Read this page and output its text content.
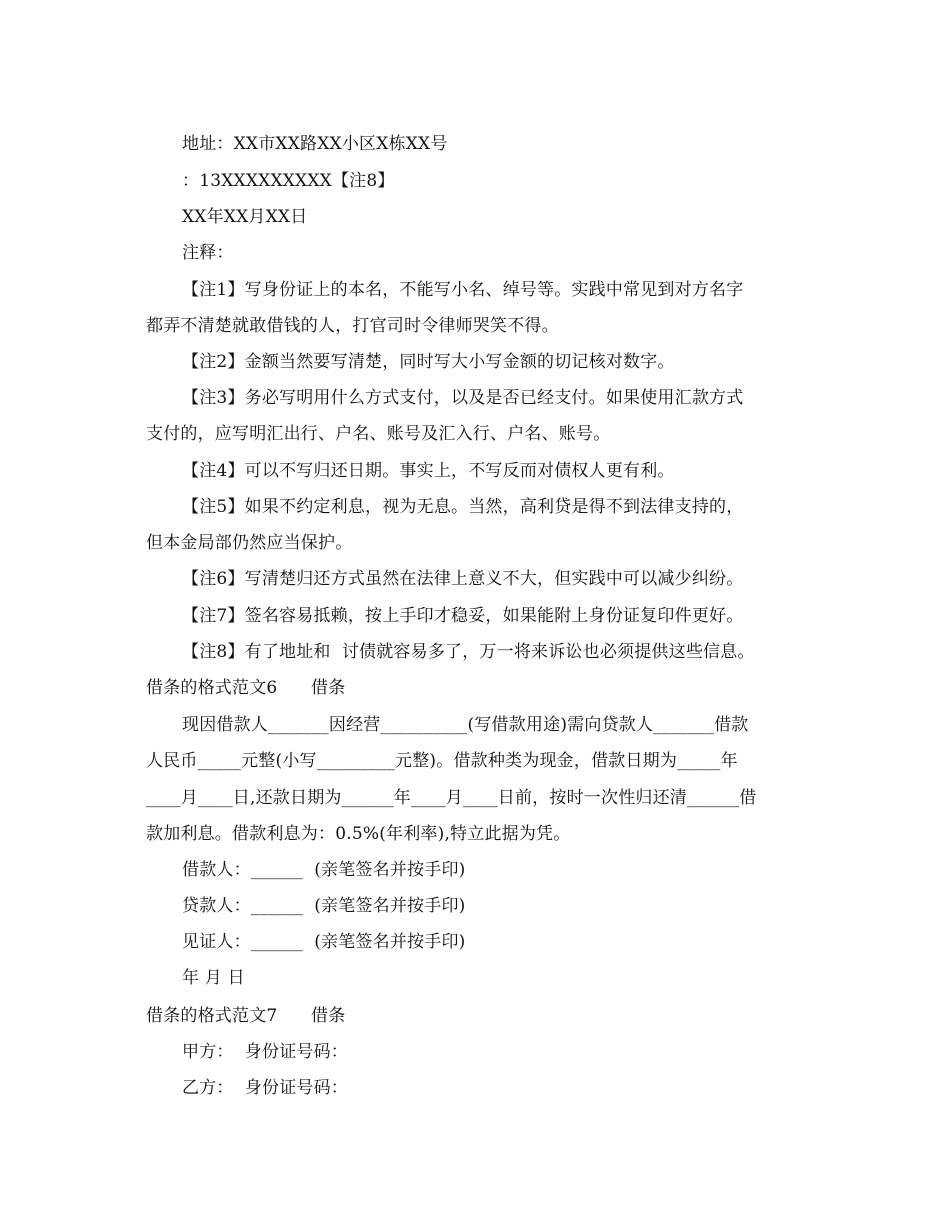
地址：XX市XX路XX小区X栋XX号
：13XXXXXXXXX【注8】
XX年XX月XX日
注释：
【注1】写身份证上的本名，不能写小名、绰号等。实践中常见到对方名字
都弄不清楚就敢借钱的人，打官司时令律师哭笑不得。
【注2】金额当然要写清楚，同时写大小写金额的切记核对数字。
【注3】务必写明用什么方式支付，以及是否已经支付。如果使用汇款方式
支付的，应写明汇出行、户名、账号及汇入行、户名、账号。
【注4】可以不写归还日期。事实上，不写反而对债权人更有利。
【注5】如果不约定利息，视为无息。当然，高利贷是得不到法律支持的，
但本金局部仍然应当保护。
【注6】写清楚归还方式虽然在法律上意义不大，但实践中可以减少纠纷。
【注7】签名容易抵赖，按上手印才稳妥，如果能附上身份证复印件更好。
【注8】有了地址和  讨债就容易多了，万一将来诉讼也必须提供这些信息。
借条的格式范文6      借条
现因借款人_______因经营__________(写借款用途)需向贷款人_______借款
人民币_____元整(小写_________元整)。借款种类为现金，借款日期为_____年
____月____日,还款日期为______年____月____日前，按时一次性归还清______借
款加利息。借款利息为：0.5%(年利率),特立此据为凭。
借款人：______  (亲笔签名并按手印)
贷款人：______  (亲笔签名并按手印)
见证人：______  (亲笔签名并按手印)
年 月 日
借条的格式范文7      借条
甲方：  身份证号码：
乙方：  身份证号码：
